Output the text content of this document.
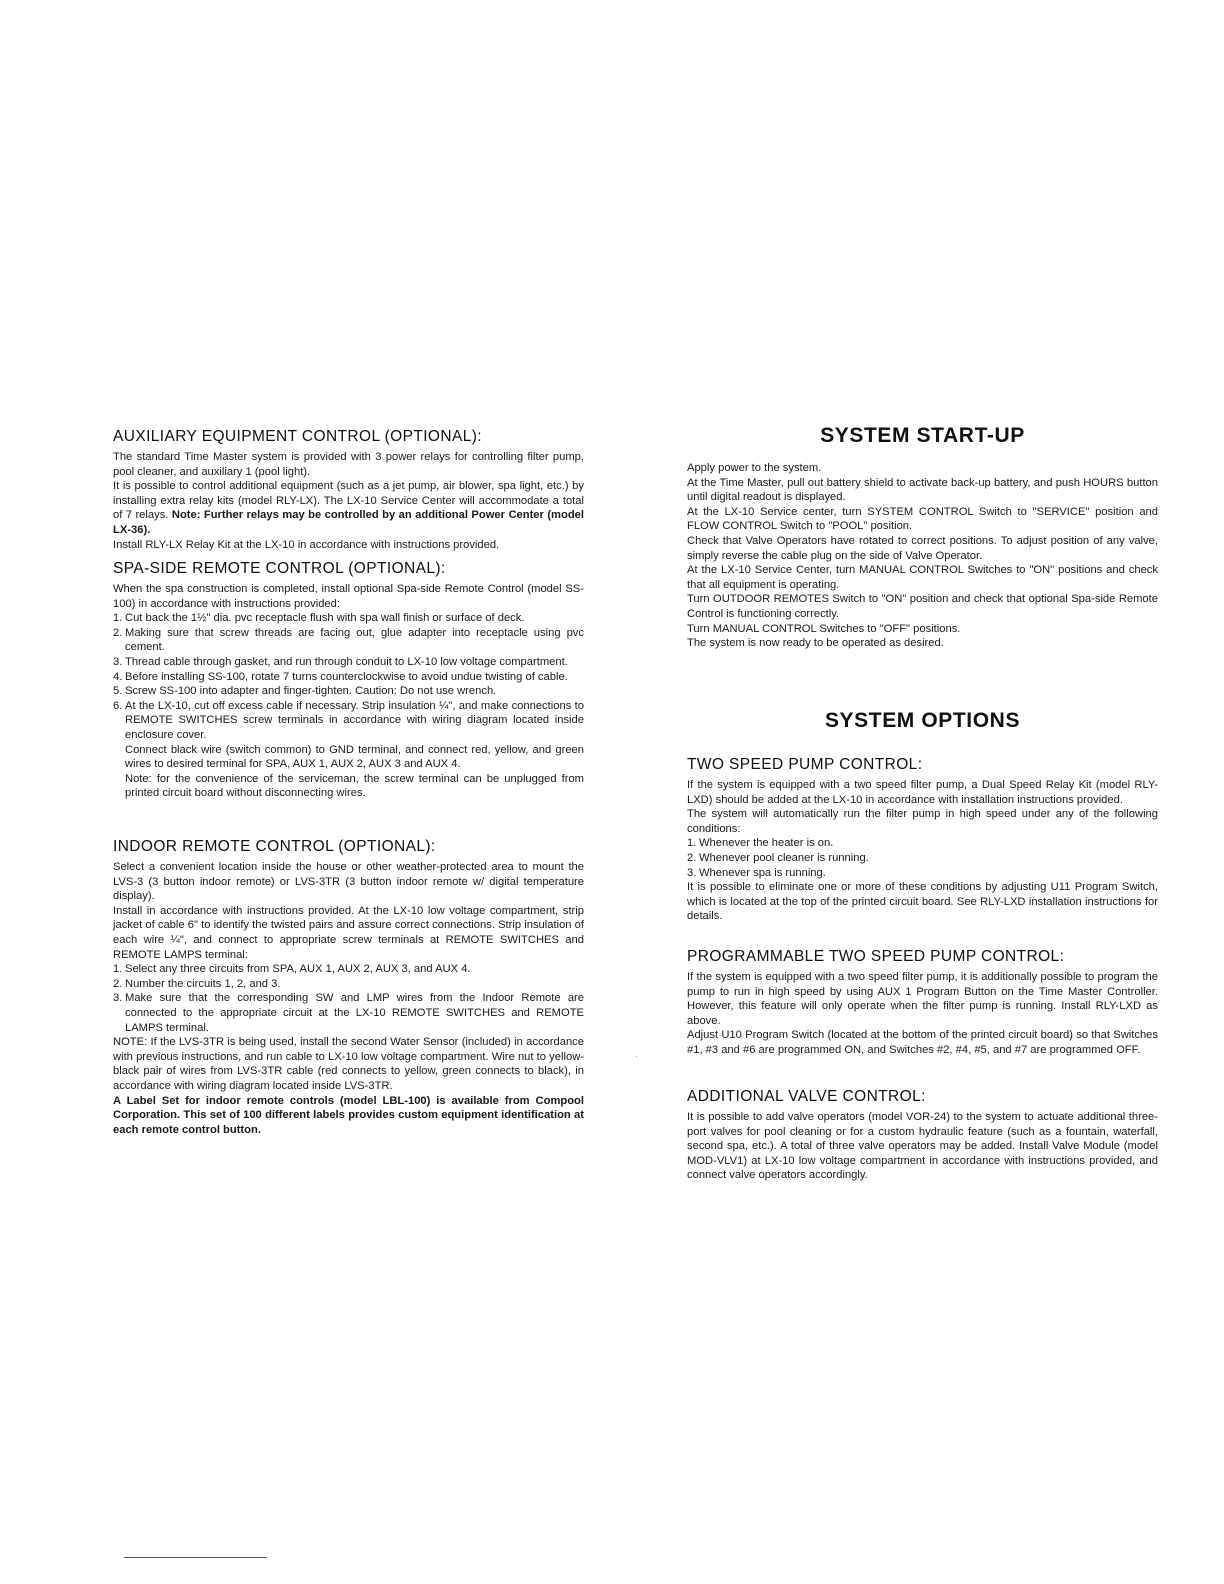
AUXILIARY EQUIPMENT CONTROL (OPTIONAL):

The standard Time Master system is provided with 3 power relays for controlling filter pump, pool cleaner, and auxiliary 1 (pool light).

It is possible to control additional equipment (such as a jet pump, air blower, spa light, etc.) by installing extra relay kits (model RLY-LX). The LX-10 Service Center will accommodate a total of 7 relays. Note: Further relays may be controlled by an additional Power Center (model LX-36).

Install RLY-LX Relay Kit at the LX-10 in accordance with instructions provided.

SPA-SIDE REMOTE CONTROL (OPTIONAL):

When the spa construction is completed, install optional Spa-side Remote Control (model SS-100) in accordance with instructions provided:

1. Cut back the 1½" dia. pvc receptacle flush with spa wall finish or surface of deck.
2. Making sure that screw threads are facing out, glue adapter into receptacle using pvc cement.
3. Thread cable through gasket, and run through conduit to LX-10 low voltage compartment.
4. Before installing SS-100, rotate 7 turns counterclockwise to avoid undue twisting of cable.
5. Screw SS-100 into adapter and finger-tighten. Caution: Do not use wrench.
6. At the LX-10, cut off excess cable if necessary. Strip insulation ¼", and make connections to REMOTE SWITCHES screw terminals in accordance with wiring diagram located inside enclosure cover.

Connect black wire (switch common) to GND terminal, and connect red, yellow, and green wires to desired terminal for SPA, AUX 1, AUX 2, AUX 3 and AUX 4.

Note: for the convenience of the serviceman, the screw terminal can be unplugged from printed circuit board without disconnecting wires.

INDOOR REMOTE CONTROL (OPTIONAL):

Select a convenient location inside the house or other weather-protected area to mount the LVS-3 (3 button indoor remote) or LVS-3TR (3 button indoor remote w/ digital temperature display).

Install in accordance with instructions provided. At the LX-10 low voltage compartment, strip jacket of cable 6" to identify the twisted pairs and assure correct connections. Strip insulation of each wire ¼", and connect to appropriate screw terminals at REMOTE SWITCHES and REMOTE LAMPS terminal:

1. Select any three circuits from SPA, AUX 1, AUX 2, AUX 3, and AUX 4.
2. Number the circuits 1, 2, and 3.
3. Make sure that the corresponding SW and LMP wires from the Indoor Remote are connected to the appropriate circuit at the LX-10 REMOTE SWITCHES and REMOTE LAMPS terminal.

NOTE: If the LVS-3TR is being used, install the second Water Sensor (included) in accordance with previous instructions, and run cable to LX-10 low voltage compartment. Wire nut to yellow-black pair of wires from LVS-3TR cable (red connects to yellow, green connects to black), in accordance with wiring diagram located inside LVS-3TR.

A Label Set for indoor remote controls (model LBL-100) is available from Compool Corporation. This set of 100 different labels provides custom equipment identification at each remote control button.

SYSTEM START-UP

Apply power to the system.

At the Time Master, pull out battery shield to activate back-up battery, and push HOURS button until digital readout is displayed.

At the LX-10 Service center, turn SYSTEM CONTROL Switch to "SERVICE" position and FLOW CONTROL Switch to "POOL" position.

Check that Valve Operators have rotated to correct positions. To adjust position of any valve, simply reverse the cable plug on the side of Valve Operator.

At the LX-10 Service Center, turn MANUAL CONTROL Switches to "ON" positions and check that all equipment is operating.

Turn OUTDOOR REMOTES Switch to "ON" position and check that optional Spa-side Remote Control is functioning correctly.

Turn MANUAL CONTROL Switches to "OFF" positions.

The system is now ready to be operated as desired.

SYSTEM OPTIONS
TWO SPEED PUMP CONTROL:

If the system is equipped with a two speed filter pump, a Dual Speed Relay Kit (model RLY-LXD) should be added at the LX-10 in accordance with installation instructions provided.

The system will automatically run the filter pump in high speed under any of the following conditions:

1. Whenever the heater is on.
2. Whenever pool cleaner is running.
3. Whenever spa is running.

It is possible to eliminate one or more of these conditions by adjusting U11 Program Switch, which is located at the top of the printed circuit board. See RLY-LXD installation instructions for details.

PROGRAMMABLE TWO SPEED PUMP CONTROL:

If the system is equipped with a two speed filter pump, it is additionally possible to program the pump to run in high speed by using AUX 1 Program Button on the Time Master Controller. However, this feature will only operate when the filter pump is running. Install RLY-LXD as above.

Adjust U10 Program Switch (located at the bottom of the printed circuit board) so that Switches #1, #3 and #6 are programmed ON, and Switches #2, #4, #5, and #7 are programmed OFF.

ADDITIONAL VALVE CONTROL:

It is possible to add valve operators (model VOR-24) to the system to actuate additional three-port valves for pool cleaning or for a custom hydraulic feature (such as a fountain, waterfall, second spa, etc.). A total of three valve operators may be added. Install Valve Module (model MOD-VLV1) at LX-10 low voltage compartment in accordance with instructions provided, and connect valve operators accordingly.
